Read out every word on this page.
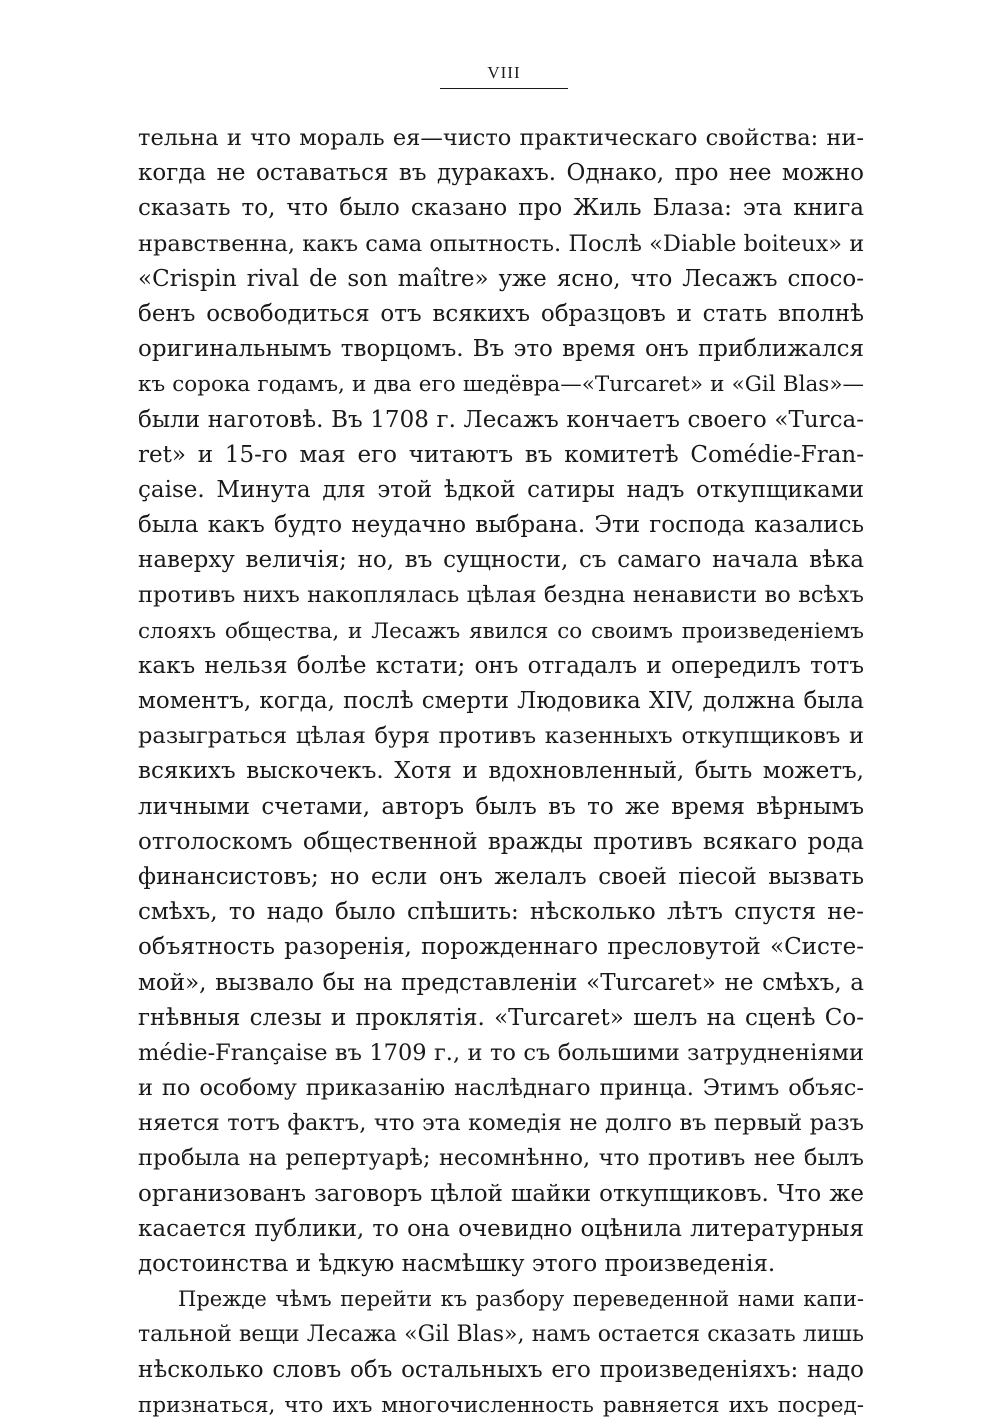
VIII
тельна и что мораль ея—чисто практическаго свойства: ни-
когда не оставаться въ дуракахъ. Однако, про нее можно
сказать то, что было сказано про Жиль Блаза: эта книга
нравственна, какъ сама опытность. Послѣ «Diable boiteux» и
«Crispin rival de son maître» уже ясно, что Лесажъ спосо-
бенъ освободиться отъ всякихъ образцовъ и стать вполнѣ
оригинальнымъ творцомъ. Въ это время онъ приближался
къ сорока годамъ, и два его шедёвра—«Turcaret» и «Gil Blas»—
были наготовѣ. Въ 1708 г. Лесажъ кончаетъ своего «Turca-
ret» и 15-го мая его читаютъ въ комитетѣ Comédie-Fran-
çaise. Минута для этой ѣдкой сатиры надъ откупщиками
была какъ будто неудачно выбрана. Эти господа казались
наверху величія; но, въ сущности, съ самаго начала вѣка
противъ нихъ накоплялась цѣлая бездна ненависти во всѣхъ
слояхъ общества, и Лесажъ явился со своимъ произведеніемъ
какъ нельзя болѣе кстати; онъ отгадалъ и опередилъ тотъ
моментъ, когда, послѣ смерти Людовика XIV, должна была
разыграться цѣлая буря противъ казенныхъ откупщиковъ и
всякихъ выскочекъ. Хотя и вдохновленный, быть можетъ,
личными счетами, авторъ былъ въ то же время вѣрнымъ
отголоскомъ общественной вражды противъ всякаго рода
финансистовъ; но если онъ желалъ своей піесой вызвать
смѣхъ, то надо было спѣшить: нѣсколько лѣтъ спустя не-
объятность разоренія, порожденнаго пресловутой «Систе-
мой», вызвало бы на представленіи «Turcaret» не смѣхъ, а
гнѣвныя слезы и проклятія. «Turcaret» шелъ на сценѣ Co-
médie-Française въ 1709 г., и то съ большими затрудненіями
и по особому приказанію наслѣднаго принца. Этимъ объяс-
няется тотъ фактъ, что эта комедія не долго въ первый разъ
пробыла на репертуарѣ; несомнѣнно, что противъ нее былъ
организованъ заговоръ цѣлой шайки откупщиковъ. Что же
касается публики, то она очевидно оцѣнила литературныя
достоинства и ѣдкую насмѣшку этого произведенія.
Прежде чѣмъ перейти къ разбору переведенной нами капи-
тальной вещи Лесажа «Gil Blas», намъ остается сказать лишь
нѣсколько словъ объ остальныхъ его произведеніяхъ: надо
признаться, что ихъ многочисленность равняется ихъ посред-
